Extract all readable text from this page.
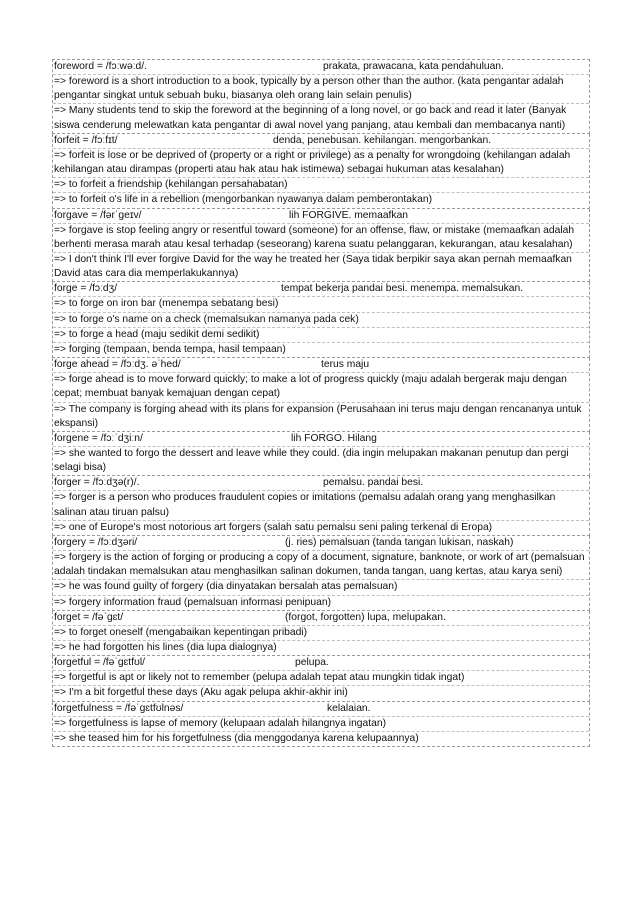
foreword = /fɔːwəːd/.	prakata, prawacana, kata pendahuluan.
=> foreword is a short introduction to a book, typically by a person other than the author. (kata pengantar adalah pengantar singkat untuk sebuah buku, biasanya oleh orang lain selain penulis)
=> Many students tend to skip the foreword at the beginning of a long novel, or go back and read it later (Banyak siswa cenderung melewatkan kata pengantar di awal novel yang panjang, atau kembali dan membacanya nanti)
forfeit = /fɔːfɪt/	denda, penebusan. kehilangan. mengorbankan.
=> forfeit is lose or be deprived of (property or a right or privilege) as a penalty for wrongdoing (kehilangan adalah kehilangan atau dirampas (properti atau hak atau hak istimewa) sebagai hukuman atas kesalahan)
=> to forfeit a friendship (kehilangan persahabatan)
=> to forfeit o's life in a rebellion (mengorbankan nyawanya dalam pemberontakan)
forgave = /fərˈgeɪv/	lih FORGIVE. memaafkan
=> forgave is stop feeling angry or resentful toward (someone) for an offense, flaw, or mistake (memaafkan adalah berhenti merasa marah atau kesal terhadap (seseorang) karena suatu pelanggaran, kekurangan, atau kesalahan)
=> I don't think I'll ever forgive David for the way he treated her (Saya tidak berpikir saya akan pernah memaafkan David atas cara dia memperlakukannya)
forge = /fɔːdʒ/	tempat bekerja pandai besi. menempa. memalsukan.
=> to forge on iron bar (menempa sebatang besi)
=> to forge o's name on a check (memalsukan namanya pada cek)
=> to forge a head (maju sedikit demi sedikit)
=> forging (tempaan, benda tempa, hasil tempaan)
forge ahead = /fɔːdʒ. əˈhed/	terus maju
=> forge ahead is to move forward quickly; to make a lot of progress quickly (maju adalah bergerak maju dengan cepat; membuat banyak kemajuan dengan cepat)
=> The company is forging ahead with its plans for expansion (Perusahaan ini terus maju dengan rencananya untuk ekspansi)
forgene = /fɔːˈdʒiːn/	lih FORGO. Hilang
=> she wanted to forgo the dessert and leave while they could. (dia ingin melupakan makanan penutup dan pergi selagi bisa)
forger = /fɔːdʒə(r)/.	pemalsu. pandai besi.
=> forger is a person who produces fraudulent copies or imitations (pemalsu adalah orang yang menghasilkan salinan atau tiruan palsu)
=> one of Europe's most notorious art forgers (salah satu pemalsu seni paling terkenal di Eropa)
forgery = /fɔːdʒəri/	(j. ries) pemalsuan (tanda tangan lukisan, naskah)
=> forgery is the action of forging or producing a copy of a document, signature, banknote, or work of art (pemalsuan adalah tindakan memalsukan atau menghasilkan salinan dokumen, tanda tangan, uang kertas, atau karya seni)
=> he was found guilty of forgery (dia dinyatakan bersalah atas pemalsuan)
=> forgery information fraud (pemalsuan informasi penipuan)
forget = /fəˈgɛt/	(forgot, forgotten) lupa, melupakan.
=> to forget oneself (mengabaikan kepentingan pribadi)
=> he had forgotten his lines (dia lupa dialognya)
forgetful = /fəˈgɛtfʊl/	pelupa.
=> forgetful is apt or likely not to remember (pelupa adalah tepat atau mungkin tidak ingat)
=> I'm a bit forgetful these days (Aku agak pelupa akhir-akhir ini)
forgetfulness = /fəˈgɛtfʊlnəs/	kelalaian.
=> forgetfulness is lapse of memory (kelupaan adalah hilangnya ingatan)
=> she teased him for his forgetfulness (dia menggodanya karena kelupaannya)
